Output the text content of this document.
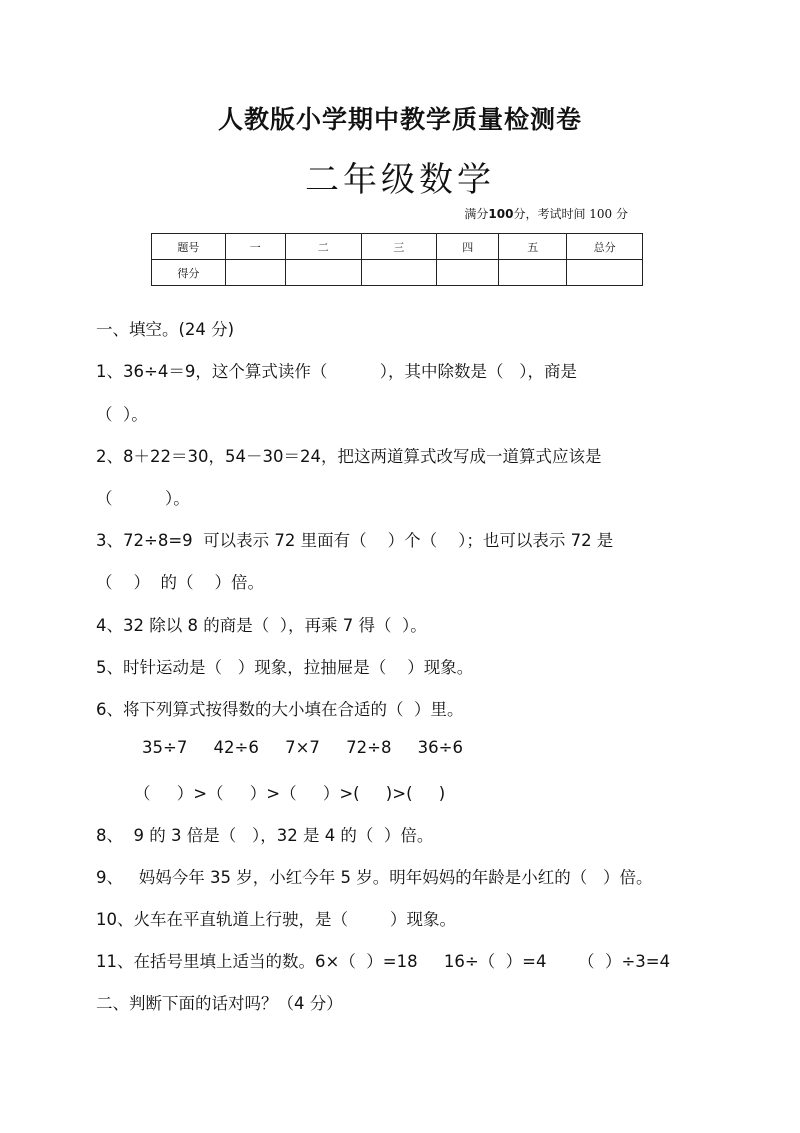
人教版小学期中教学质量检测卷
二年级数学
满分100分，考试时间 100 分
题号	一	二	三	四	五	总分
得分						
一、填空。(24 分)
1、36÷4＝9，这个算式读作（          ），其中除数是（   ），商是
（  ）。
2、8＋22＝30，54－30＝24，把这两道算式改写成一道算式应该是
（          ）。
3、72÷8=9  可以表示 72 里面有（    ）个（    ）；也可以表示 72 是
（    ）  的（    ）倍。
4、32 除以 8 的商是（  ），再乘 7 得（  ）。
5、时针运动是（   ）现象，拉抽屉是（    ）现象。
6、将下列算式按得数的大小填在合适的（  ）里。
35÷7     42÷6     7×7     72÷8     36÷6
（     ）>（     ）>（     ）>(     )>(     )
8、  9 的 3 倍是（   ），32 是 4 的（  ）倍。
9、   妈妈今年 35 岁，小红今年 5 岁。明年妈妈的年龄是小红的（   ）倍。
10、火车在平直轨道上行驶，是（        ）现象。
11、在括号里填上适当的数。6×（  ）=18     16÷（  ）=4      （  ）÷3=4
二、判断下面的话对吗？（4 分）
